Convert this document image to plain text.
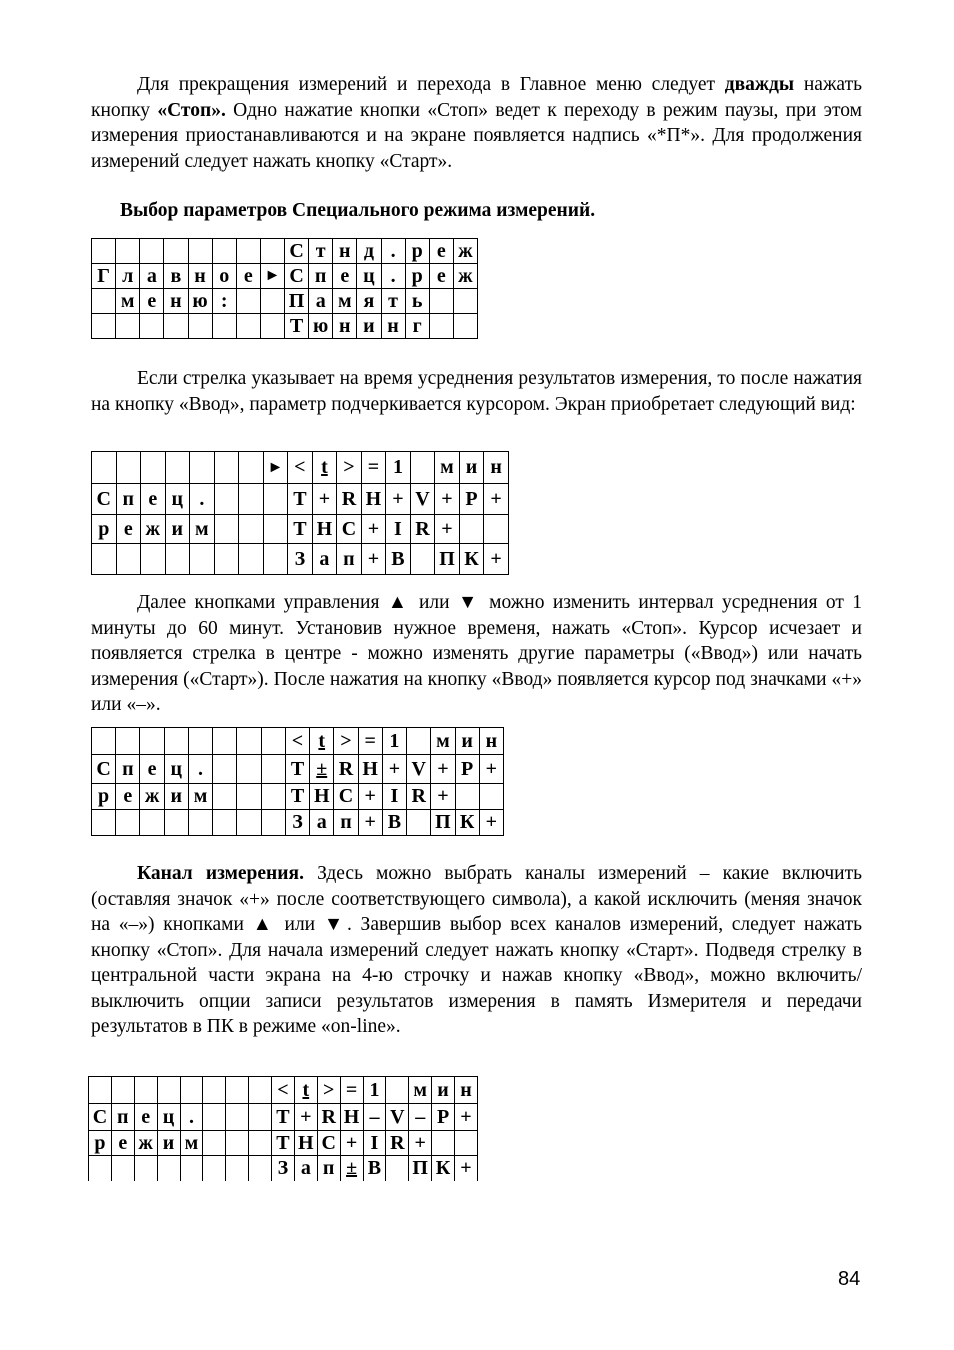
Для прекращения измерений и перехода в Главное меню следует дважды нажать кнопку «Стоп». Одно нажатие кнопки «Стоп» ведет к переходу в режим паузы, при этом измерения приостанавливаются и на экране появляется надпись «*П*». Для продолжения измерений следует нажать кнопку «Старт».

Выбор параметров Специального режима измерений.

								С	т	н	д	.	р	е	ж
Г	л	а	в	н	о	е	►	С	п	е	ц	.	р	е	ж
	м	е	н	ю	:			П	а	м	я	т	ь		
								Т	ю	н	и	н	г		

Если стрелка указывает на время усреднения результатов измерения, то после нажатия на кнопку «Ввод», параметр подчеркивается курсором. Экран приобретает следующий вид:

							►	<	t	>	=	1		м	и	н
С	п	е	ц	.				Т	+	R	H	+	V	+	P	+
р	е	ж	и	м				Т	Н	С	+	I	R	+		
								З	а	п	+	В		П	К	+

Далее кнопками управления ▲ или ▼ можно изменить интервал усреднения от 1 минуты до 60 минут. Установив нужное временя, нажать «Стоп». Курсор исчезает и появляется стрелка в центре - можно изменять другие параметры («Ввод») или начать измерения («Старт»). После нажатия на кнопку «Ввод» появляется курсор под значками «+» или «–».

								<	t	>	=	1		м	и	н
С	п	е	ц	.				Т	±	R	H	+	V	+	P	+
р	е	ж	и	м				Т	Н	С	+	I	R	+		
								З	а	п	+	В		П	К	+

Канал измерения. Здесь можно выбрать каналы измерений – какие включить (оставляя значок «+» после соответствующего символа), а какой исключить (меняя значок на «–») кнопками ▲ или ▼. Завершив выбор всех каналов измерений, следует нажать кнопку «Стоп». Для начала измерений следует нажать кнопку «Старт». Подведя стрелку в центральной части экрана на 4-ю строчку и нажав кнопку «Ввод», можно включить/выключить опции записи результатов измерения в память Измерителя и передачи результатов в ПК в режиме «on-line».

								<	t	>	=	1		м	и	н
С	п	е	ц	.				Т	+	R	H	–	V	–	P	+
р	е	ж	и	м				Т	Н	С	+	I	R	+		
								З	а	п	±	В		П	К	+
84
